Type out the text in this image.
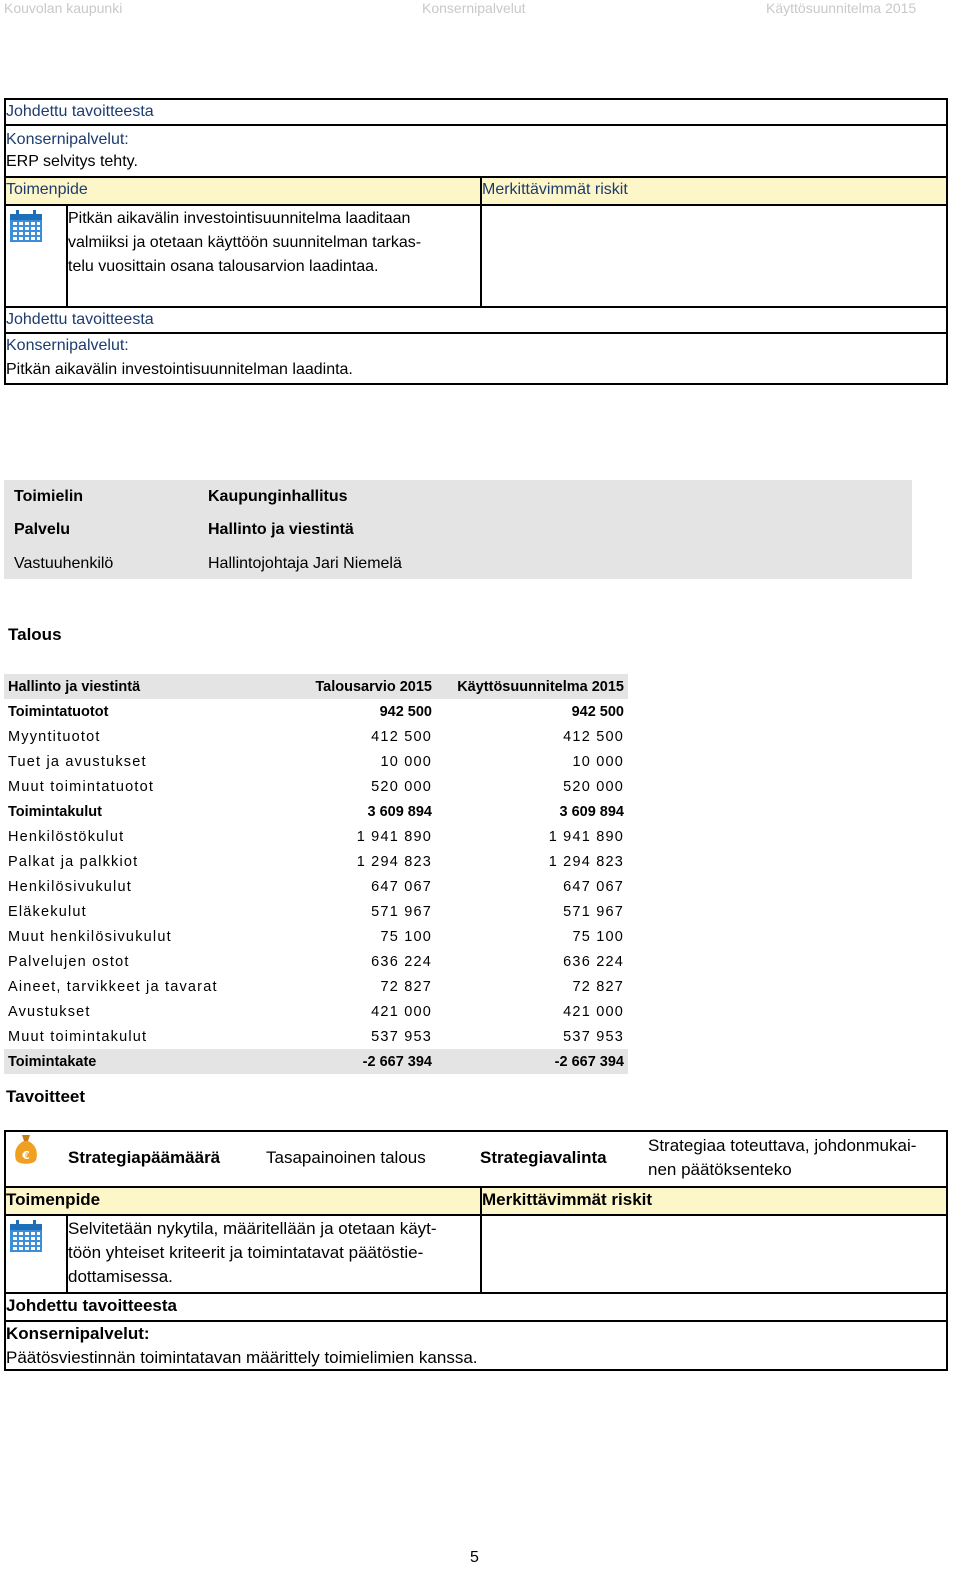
Kouvolan kaupunki	Konsernipalvelut	Käyttösuunnitelma 2015
Johdettu tavoitteesta
Konsernipalvelut:
ERP selvitys tehty.
Toimenpide	Merkittävimmät riskit
Pitkän aikavälin investointisuunnitelma laaditaan
valmiiksi ja otetaan käyttöön suunnitelman tarkas-
telu vuosittain osana talousarvion laadintaa.
Johdettu tavoitteesta
Konsernipalvelut:
Pitkän aikavälin investointisuunnitelman laadinta.
Toimielin	Kaupunginhallitus
Palvelu	Hallinto ja viestintä
Vastuuhenkilö	Hallintojohtaja Jari Niemelä
Talous
Hallinto ja viestintä	Talousarvio 2015	Käyttösuunnitelma 2015
Toimintatuotot	942 500	942 500
Myyntituotot	412 500	412 500
Tuet ja avustukset	10 000	10 000
Muut toimintatuotot	520 000	520 000
Toimintakulut	3 609 894	3 609 894
Henkilöstökulut	1 941 890	1 941 890
Palkat ja palkkiot	1 294 823	1 294 823
Henkilösivukulut	647 067	647 067
Eläkekulut	571 967	571 967
Muut henkilösivukulut	75 100	75 100
Palvelujen ostot	636 224	636 224
Aineet, tarvikkeet ja tavarat	72 827	72 827
Avustukset	421 000	421 000
Muut toimintakulut	537 953	537 953
Toimintakate	-2 667 394	-2 667 394
Tavoitteet
€ Strategiapäämäärä	Tasapainoinen talous	Strategiavalinta
Strategiaa toteuttava, johdonmukai-
nen päätöksenteko
Toimenpide	Merkittävimmät riskit
Selvitetään nykytila, määritellään ja otetaan käyt-
töön yhteiset kriteerit ja toimintatavat päätöstie-
dottamisessa.
Johdettu tavoitteesta
Konsernipalvelut:
Päätösviestinnän toimintatavan määrittely toimielimien kanssa.
5
